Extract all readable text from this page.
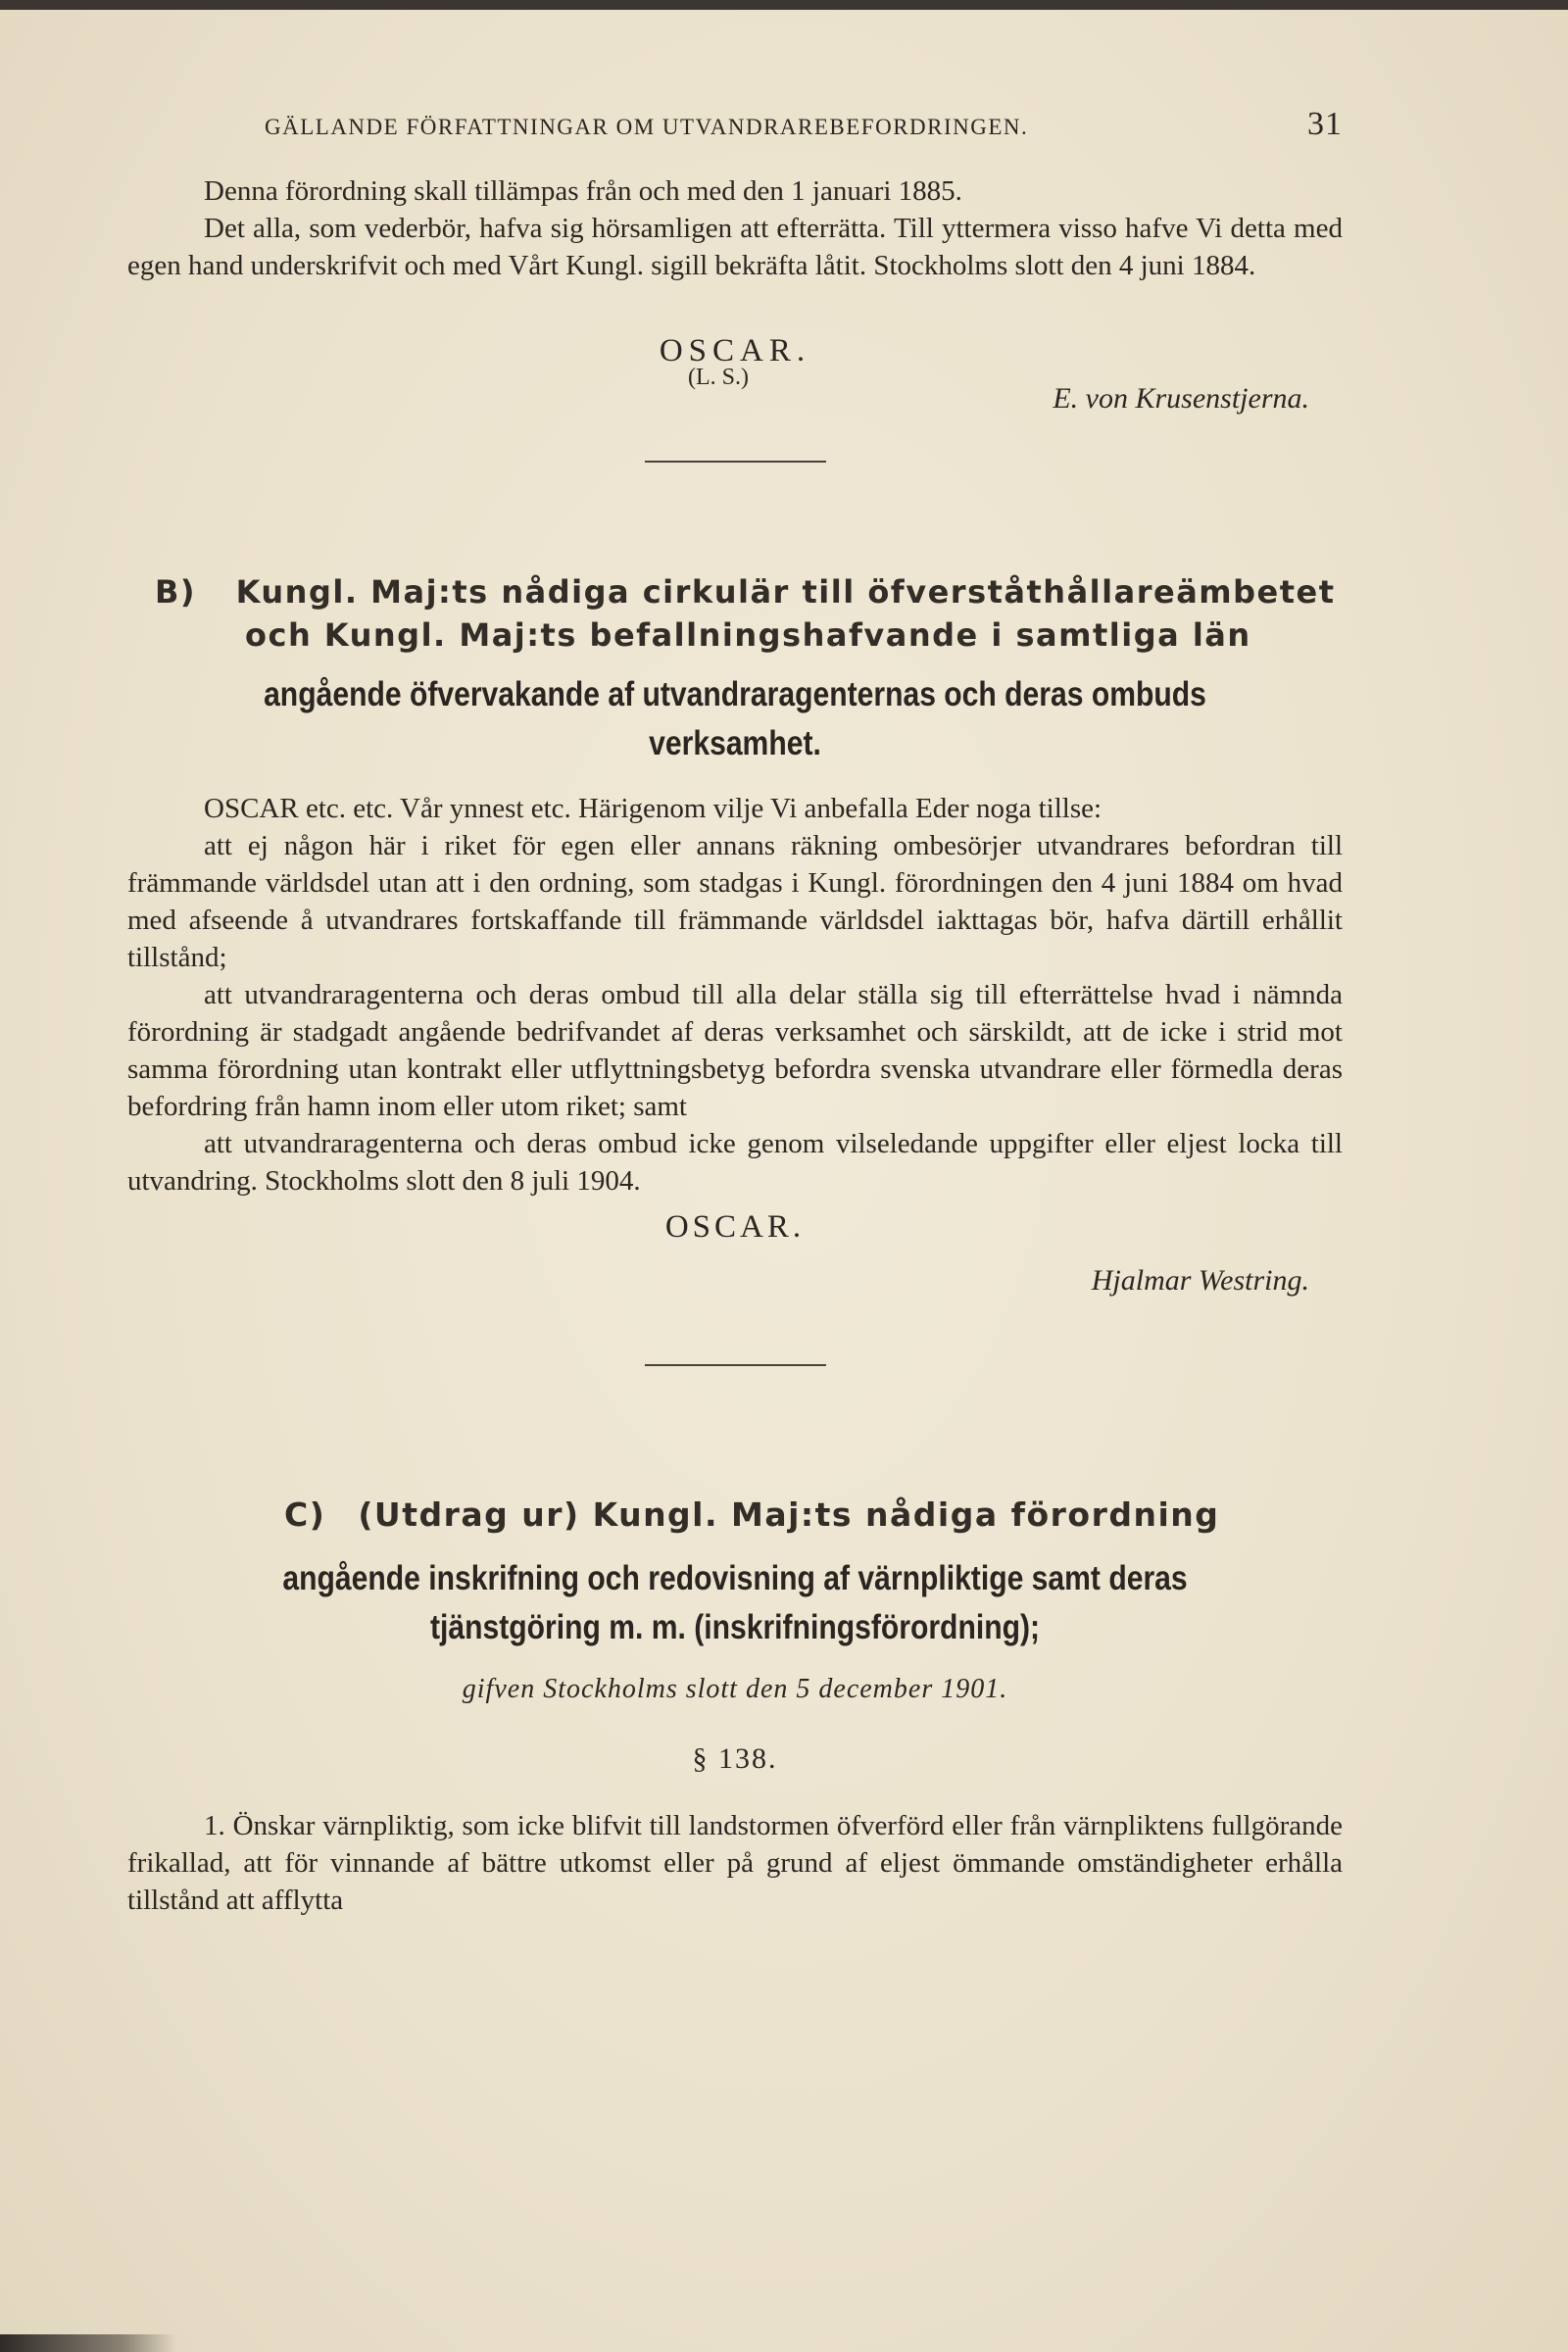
GÄLLANDE FÖRFATTNINGAR OM UTVANDRAREBEFORDRINGEN.	31

Denna förordning skall tillämpas från och med den 1 januari 1885.

Det alla, som vederbör, hafva sig hörsamligen att efterrätta. Till yttermera visso hafve Vi detta med egen hand underskrifvit och med Vårt Kungl. sigill bekräfta låtit. Stockholms slott den 4 juni 1884.

OSCAR.
(L. S.)
E. von Krusenstjerna.
B) Kungl. Maj:ts nådiga cirkulär till öfverståthållareämbetet
och Kungl. Maj:ts befallningshafvande i samtliga län
angående öfvervakande af utvandraragenternas och deras ombuds verksamhet.

OSCAR etc. etc. Vår ynnest etc. Härigenom vilje Vi anbefalla Eder noga tillse:

att ej någon här i riket för egen eller annans räkning ombesörjer utvandrares befordran till främmande världsdel utan att i den ordning, som stadgas i Kungl. förordningen den 4 juni 1884 om hvad med afseende å utvandrares fortskaffande till främmande världsdel iakttagas bör, hafva därtill erhållit tillstånd;

att utvandraragenterna och deras ombud till alla delar ställa sig till efterrättelse hvad i nämnda förordning är stadgadt angående bedrifvandet af deras verksamhet och särskildt, att de icke i strid mot samma förordning utan kontrakt eller utflyttningsbetyg befordra svenska utvandrare eller förmedla deras befordring från hamn inom eller utom riket; samt

att utvandraragenterna och deras ombud icke genom vilseledande uppgifter eller eljest locka till utvandring. Stockholms slott den 8 juli 1904.

OSCAR.
Hjalmar Westring.
C) (Utdrag ur) Kungl. Maj:ts nådiga förordning
angående inskrifning och redovisning af värnpliktige samt deras tjänstgöring m. m. (inskrifningsförordning);
gifven Stockholms slott den 5 december 1901.
§ 138.

1. Önskar värnpliktig, som icke blifvit till landstormen öfverförd eller från värnpliktens fullgörande frikallad, att för vinnande af bättre utkomst eller på grund af eljest ömmande omständigheter erhålla tillstånd att afflytta
